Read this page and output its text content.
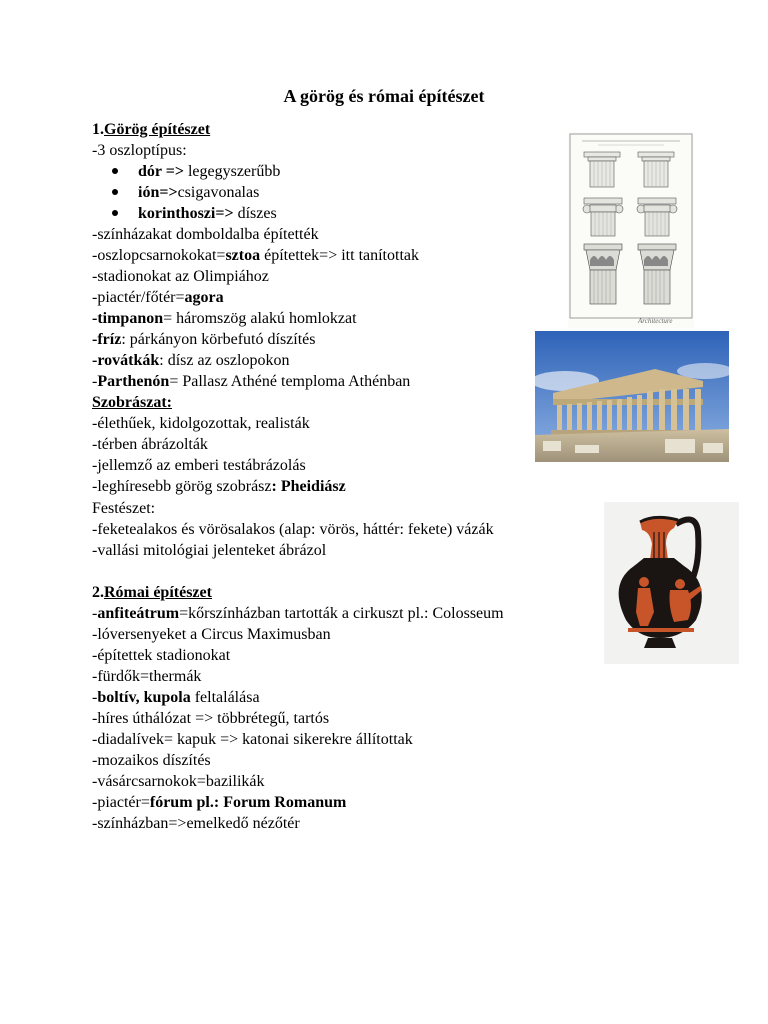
A görög és római építészet
1.Görög építészet
-3 oszloptípus:
dór => legegyszerűbb
ión=>csigavonalas
korinthoszi=> díszes
-színházakat domboldalba építették
-oszlopcsarnokokat=sztoa építettek=> itt tanítottak
-stadionokat az Olimpiához
-piactér/főtér=agora
-timpanon= háromszög alakú homlokzat
-fríz: párkányon körbefutó díszítés
-rovátkák: dísz az oszlopokon
-Parthenón= Pallasz Athéné temploma Athénban
Szobrászat:
-élethűek, kidolgozottak, realisták
-térben ábrázolták
-jellemző az emberi testábrázolás
-leghíresebb görög szobrász: Pheidiász
Festészet:
-feketealakos és vörösalakos (alap: vörös, háttér: fekete) vázák
-vallási mitológiai jelenteket ábrázol
2.Római építészet
-anfiteátrum=kőrszínházban tartották a cirkuszt pl.: Colosseum
-lóversenyeket a Circus Maximusban
-építettek stadionokat
-fürdők=thermák
-boltív, kupola feltalálása
-híres úthálózat => többrétegű, tartós
-diadalívek= kapuk => katonai sikerekre állítottak
-mozaikos díszítés
-vásárcsarnokok=bazilikák
-piactér=fórum pl.: Forum Romanum
-színházban=>emelkedő nézőtér
Architecture
